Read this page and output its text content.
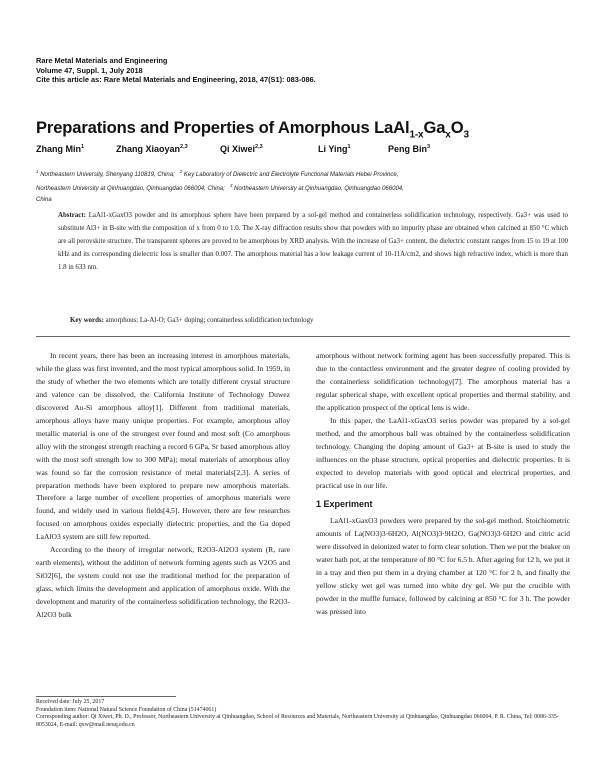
Rare Metal Materials and Engineering
Volume 47, Suppl. 1, July 2018
Cite this article as: Rare Metal Materials and Engineering, 2018, 47(S1): 083-086.
Preparations and Properties of Amorphous $LaAl_{1-x}Ga_xO_3$
Zhang Min$^1$	Zhang Xiaoyan$^{2,3}$	Qi Xiwei$^{2,3}$	Li Ying$^1$	Peng Bin$^3$
$^1$ Northeastern University, Shenyang 110819, China;   $^2$ Key Laboratory of Dielectric and Electrolyte Functional Materials Hebei Province,
Northeastern University at Qinhuangdao, Qinhuangdao 066004, China;   $^3$ Northeastern University at Qinhuangdao, Qinhuangdao 066004,
China
Abstract: LaAl1-xGaxO3 powder and its amorphous sphere have been prepared by a sol-gel method and containerless solidification technology, respectively. Ga3+ was used to substitute Al3+ in B-site with the composition of x from 0 to 1.0. The X-ray diffraction results show that powders with no impurity phase are obtained when calcined at 850 °C which are all perovskite structure. The transparent spheres are proved to be amorphous by XRD analysis. With the increase of Ga3+ content, the dielectric constant ranges from 15 to 19 at 100 kHz and its corresponding dielectric loss is smaller than 0.007. The amorphous material has a low leakage current of 10-11A/cm2, and shows high refractive index, which is more than 1.8 in 633 nm.
Key words: amorphous; La-Al-O; Ga3+ doping; containerless solidification technology

In recent years, there has been an increasing interest in amorphous materials, while the glass was first invented, and the most typical amorphous solid. In 1959, in the study of whether the two elements which are totally different crystal structure and valence can be dissolved, the California Institute of Technology Duwez discovered Au-Si amorphous alloy[1]. Different from traditional materials, amorphous alloys have many unique properties. For example, amorphous alloy metallic material is one of the strongest ever found and most soft (Co amorphous alloy with the strongest strength reaching a record 6 GPa, Sr based amorphous alloy with the most soft strength low to 300 MPa); metal materials of amorphous alloy was found so far the corrosion resistance of metal materials[2,3]. A series of preparation methods have been explored to prepare new amorphous materials. Therefore a large number of excellent properties of amorphous materials were found, and widely used in various fields[4,5]. However, there are few researches focused on amorphous oxides especially dielectric properties, and the Ga doped LaAlO3 system are still few reported.

According to the theory of irregular network, R2O3-Al2O3 system (R, rare earth elements), without the addition of network forming agents such as V2O5 and SiO2[6], the system could not use the traditional method for the preparation of glass, which limits the development and application of amorphous oxide. With the development and maturity of the containerless solidification technology, the R2O3-Al2O3 bulk

amorphous without network forming agent has been successfully prepared. This is due to the contactless environment and the greater degree of cooling provided by the containerless solidification technology[7]. The amorphous material has a regular spherical shape, with excellent optical properties and thermal stability, and the application prospect of the optical lens is wide.

In this paper, the LaAl1-xGaxO3 series powder was prepared by a sol-gel method, and the amorphous ball was obtained by the containerless solidification technology. Changing the doping amount of Ga3+ at B-site is used to study the influences on the phase structure, optical properties and dielectric properties. It is expected to develop materials with good optical and electrical properties, and practical use in our life.

1 Experiment

LaAl1-xGaxO3 powders were prepared by the sol-gel method. Stoichiometric amounts of La(NO3)3·6H2O, Al(NO3)3·9H2O, Ga(NO3)3·6H2O and citric acid were dissolved in deionized water to form clear solution. Then we put the beaker on water bath pot, at the temperature of 80 °C for 6.5 h. After ageing for 12 h, we put it in a tray and then put them in a drying chamber at 120 °C for 2 h, and finally the yellow sticky wet gel was turned into white dry gel. We put the crucible with powder in the muffle furnace, followed by calcining at 850 °C for 3 h. The powder was pressed into

Received date: July 25, 2017
Foundation item: National Natural Science Foundation of China (51474061)
Corresponding author: Qi Xiwei, Ph. D., Professor, Northeastern University at Qinhuangdao, School of Resources and Materials, Northeastern University at Qinhuangdao, Qinhuangdao 066004, P. R. China, Tel: 0086-335-8053024, E-mail: qxw@mail.neuq.edu.cn
